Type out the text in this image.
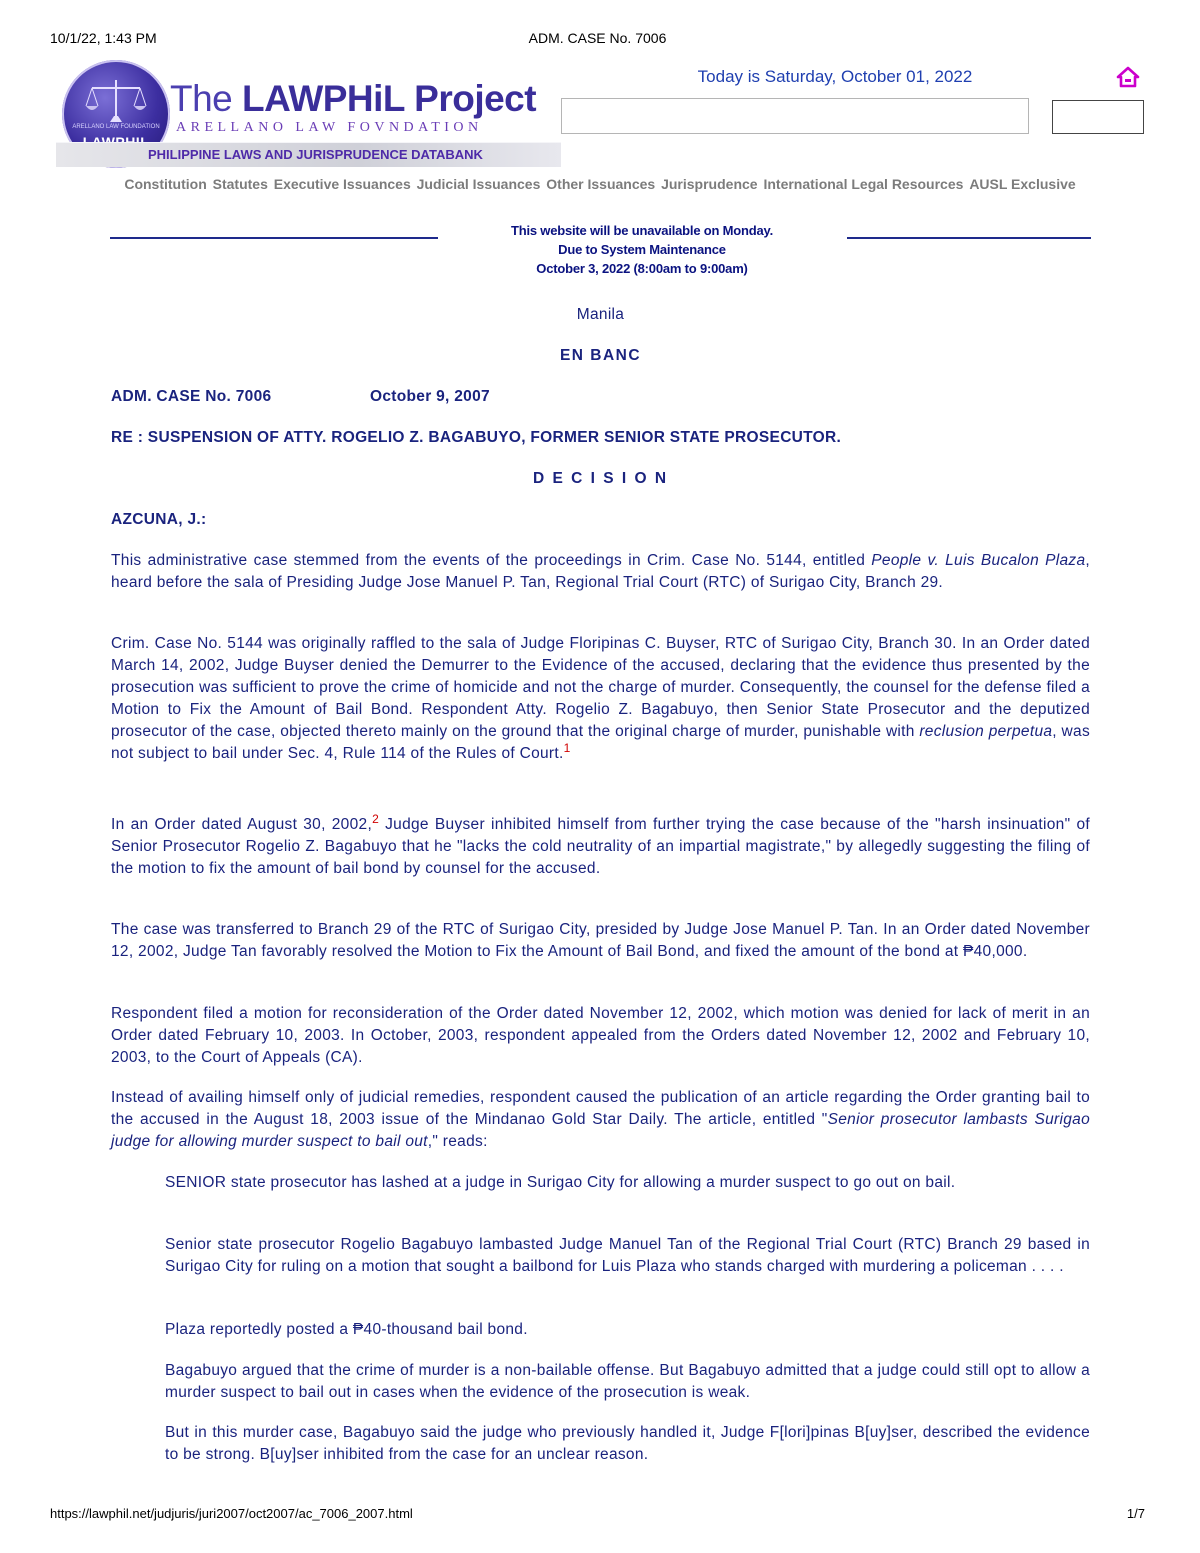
10/1/22, 1:43 PM	ADM. CASE No. 7006
ARELLANO LAW FOUNDATION
The LAWPHiL Project
ARELLANO LAW FOVNDATION
PHILIPPINE LAWS AND JURISPRUDENCE DATABANK
Today is Saturday, October 01, 2022
Constitution Statutes Executive Issuances Judicial Issuances Other Issuances Jurisprudence International Legal Resources AUSL Exclusive
This website will be unavailable on Monday.
Due to System Maintenance
October 3, 2022 (8:00am to 9:00am)
Manila
EN BANC
ADM. CASE No. 7006	October 9, 2007
RE : SUSPENSION OF ATTY. ROGELIO Z. BAGABUYO, FORMER SENIOR STATE PROSECUTOR.
D E C I S I O N
AZCUNA, J.:
This administrative case stemmed from the events of the proceedings in Crim. Case No. 5144, entitled People v. Luis Bucalon Plaza, heard before the sala of Presiding Judge Jose Manuel P. Tan, Regional Trial Court (RTC) of Surigao City, Branch 29.
Crim. Case No. 5144 was originally raffled to the sala of Judge Floripinas C. Buyser, RTC of Surigao City, Branch 30. In an Order dated March 14, 2002, Judge Buyser denied the Demurrer to the Evidence of the accused, declaring that the evidence thus presented by the prosecution was sufficient to prove the crime of homicide and not the charge of murder. Consequently, the counsel for the defense filed a Motion to Fix the Amount of Bail Bond. Respondent Atty. Rogelio Z. Bagabuyo, then Senior State Prosecutor and the deputized prosecutor of the case, objected thereto mainly on the ground that the original charge of murder, punishable with reclusion perpetua, was not subject to bail under Sec. 4, Rule 114 of the Rules of Court.$^1$
In an Order dated August 30, 2002,$^2$ Judge Buyser inhibited himself from further trying the case because of the "harsh insinuation" of Senior Prosecutor Rogelio Z. Bagabuyo that he "lacks the cold neutrality of an impartial magistrate," by allegedly suggesting the filing of the motion to fix the amount of bail bond by counsel for the accused.
The case was transferred to Branch 29 of the RTC of Surigao City, presided by Judge Jose Manuel P. Tan. In an Order dated November 12, 2002, Judge Tan favorably resolved the Motion to Fix the Amount of Bail Bond, and fixed the amount of the bond at ₱40,000.
Respondent filed a motion for reconsideration of the Order dated November 12, 2002, which motion was denied for lack of merit in an Order dated February 10, 2003. In October, 2003, respondent appealed from the Orders dated November 12, 2002 and February 10, 2003, to the Court of Appeals (CA).
Instead of availing himself only of judicial remedies, respondent caused the publication of an article regarding the Order granting bail to the accused in the August 18, 2003 issue of the Mindanao Gold Star Daily. The article, entitled "Senior prosecutor lambasts Surigao judge for allowing murder suspect to bail out," reads:
SENIOR state prosecutor has lashed at a judge in Surigao City for allowing a murder suspect to go out on bail.
Senior state prosecutor Rogelio Bagabuyo lambasted Judge Manuel Tan of the Regional Trial Court (RTC) Branch 29 based in Surigao City for ruling on a motion that sought a bailbond for Luis Plaza who stands charged with murdering a policeman . . . .
Plaza reportedly posted a ₱40-thousand bail bond.
Bagabuyo argued that the crime of murder is a non-bailable offense. But Bagabuyo admitted that a judge could still opt to allow a murder suspect to bail out in cases when the evidence of the prosecution is weak.
But in this murder case, Bagabuyo said the judge who previously handled it, Judge F[lori]pinas B[uy]ser, described the evidence to be strong. B[uy]ser inhibited from the case for an unclear reason.
https://lawphil.net/judjuris/juri2007/oct2007/ac_7006_2007.html	1/7
